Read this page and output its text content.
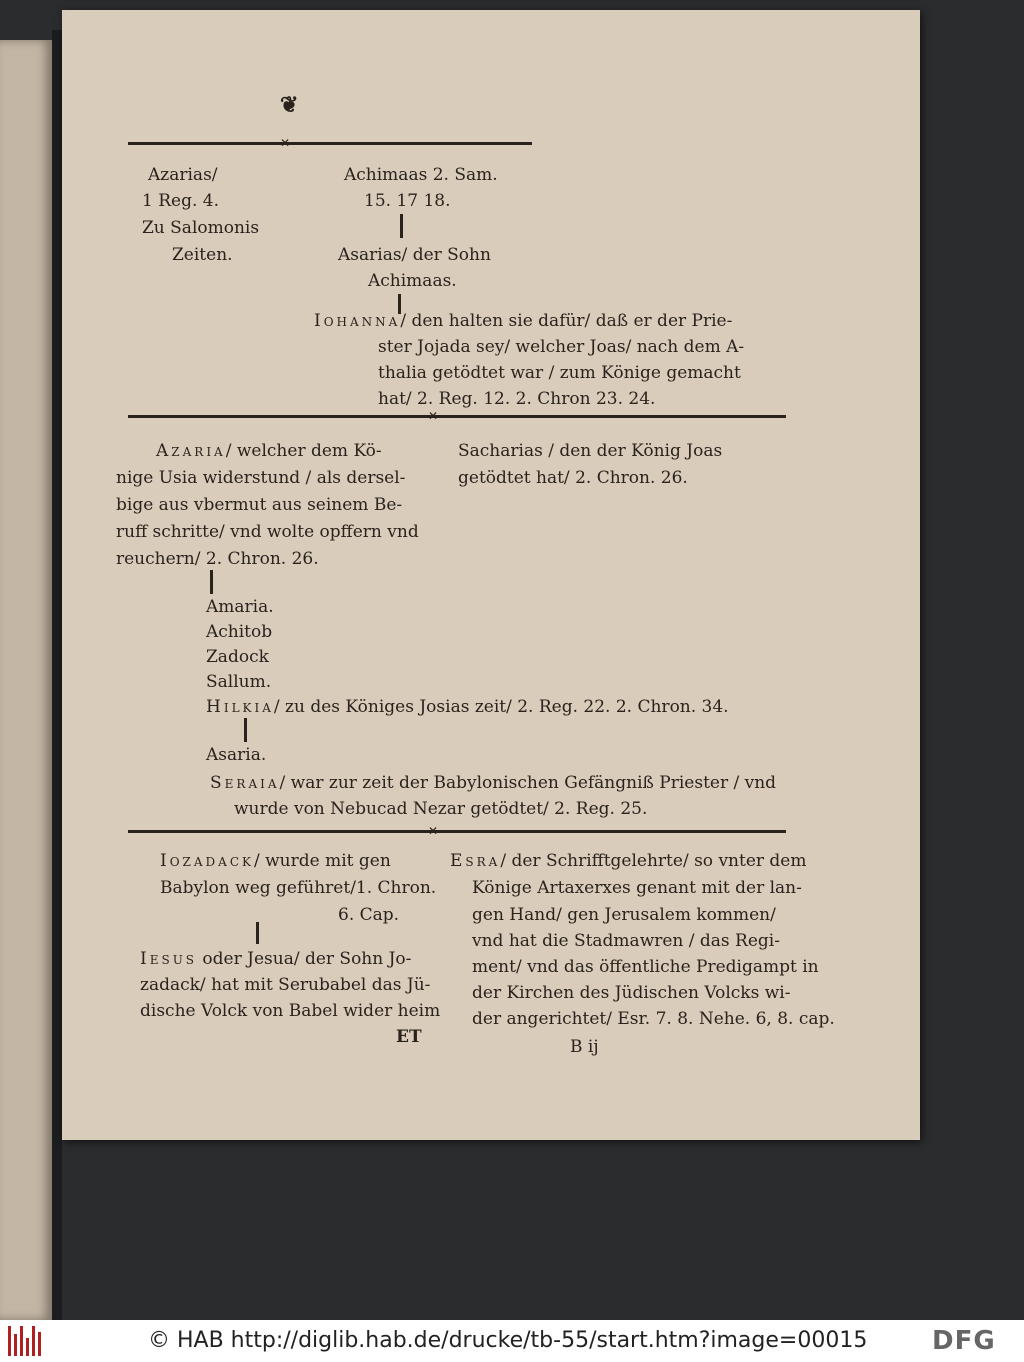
❦
✕
Azarias/
1 Reg. 4.
Zu Salomonis
Zeiten.
Achimaas 2. Sam.
15. 17 18.
Asarias/ der Sohn
Achimaas.
Iohanna/ den halten sie dafür/ daß er der Prie-
ster Jojada sey/ welcher Joas/ nach dem A-
thalia getödtet war / zum Könige gemacht
hat/ 2. Reg. 12. 2. Chron 23. 24.
✕
Azaria/ welcher dem Kö-
nige Usia widerstund / als dersel-
bige aus vbermut aus seinem Be-
ruff schritte/ vnd wolte opffern vnd
reuchern/ 2. Chron. 26.
Sacharias / den der König Joas
getödtet hat/ 2. Chron. 26.
Amaria.
Achitob
Zadock
Sallum.
Hilkia/ zu des Königes Josias zeit/ 2. Reg. 22. 2. Chron. 34.
Asaria.
Seraia/ war zur zeit der Babylonischen Gefängniß Priester / vnd
wurde von Nebucad Nezar getödtet/ 2. Reg. 25.
✕
Iozadack/ wurde mit gen
Babylon weg geführet/1. Chron.
6. Cap.
Iesus oder Jesua/ der Sohn Jo-
zadack/ hat mit Serubabel das Jü-
dische Volck von Babel wider heim
Esra/ der Schrifftgelehrte/ so vnter dem
Könige Artaxerxes genant mit der lan-
gen Hand/ gen Jerusalem kommen/
vnd hat die Stadmawren / das Regi-
ment/ vnd das öffentliche Predigampt in
der Kirchen des Jüdischen Volcks wi-
der angerichtet/ Esr. 7. 8. Nehe. 6, 8. cap.
ET	B ij
© HAB http://diglib.hab.de/drucke/tb-55/start.htm?image=00015 DFG
